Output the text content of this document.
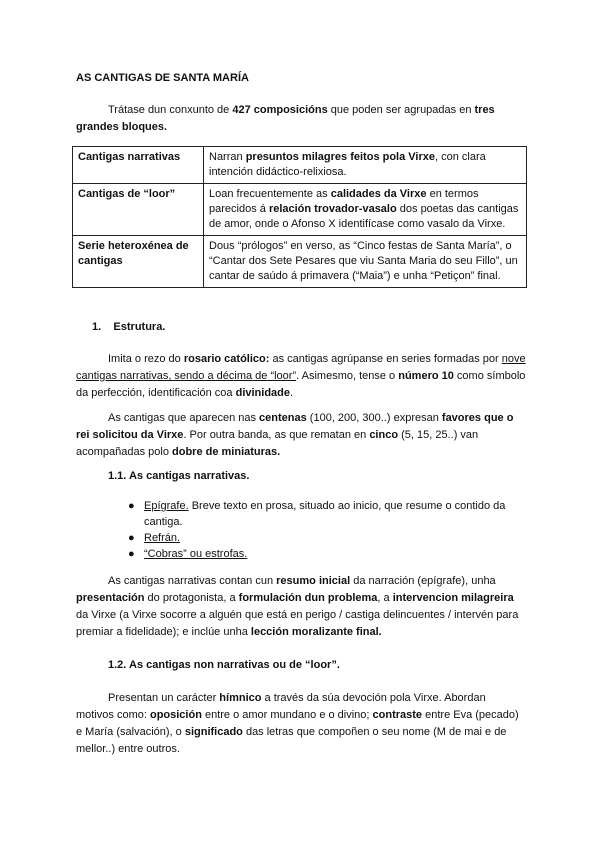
AS CANTIGAS DE SANTA MARÍA
Trátase dun conxunto de 427 composicións que poden ser agrupadas en tres grandes bloques.
Cantigas narrativas	Narran presuntos milagres feitos pola Virxe, con clara intención didáctico-relixiosa.
Cantigas de “loor”	Loan frecuentemente as calidades da Virxe en termos parecidos á relación trovador-vasalo dos poetas das cantigas de amor, onde o Afonso X identifícase como vasalo da Virxe.
Serie heteroxénea de cantigas	Dous “prólogos” en verso, as “Cinco festas de Santa María”, o “Cantar dos Sete Pesares que viu Santa Maria do seu Fillo”, un cantar de saúdo á primavera (“Maia”) e unha “Petiçon” final.
1. Estrutura.
Imita o rezo do rosario católico: as cantigas agrúpanse en series formadas por nove cantigas narrativas, sendo a décima de “loor”. Asimesmo, tense o número 10 como símbolo da perfección, identificación coa divinidade.
As cantigas que aparecen nas centenas (100, 200, 300..) expresan favores que o rei solicitou da Virxe. Por outra banda, as que rematan en cinco (5, 15, 25..) van acompañadas polo dobre de miniaturas.
1.1. As cantigas narrativas.
● Epígrafe. Breve texto en prosa, situado ao inicio, que resume o contido da cantiga.
● Refrán.
● “Cobras” ou estrofas.
As cantigas narrativas contan cun resumo inicial da narración (epígrafe), unha presentación do protagonista, a formulación dun problema, a intervencion milagreira da Virxe (a Virxe socorre a alguén que está en perigo / castiga delincuentes / intervén para premiar a fidelidade); e inclúe unha lección moralizante final.
1.2. As cantigas non narrativas ou de “loor”.
Presentan un carácter hímnico a través da súa devoción pola Virxe. Abordan motivos como: oposición entre o amor mundano e o divino; contraste entre Eva (pecado) e María (salvación), o significado das letras que compoñen o seu nome (M de mai e de mellor..) entre outros.
